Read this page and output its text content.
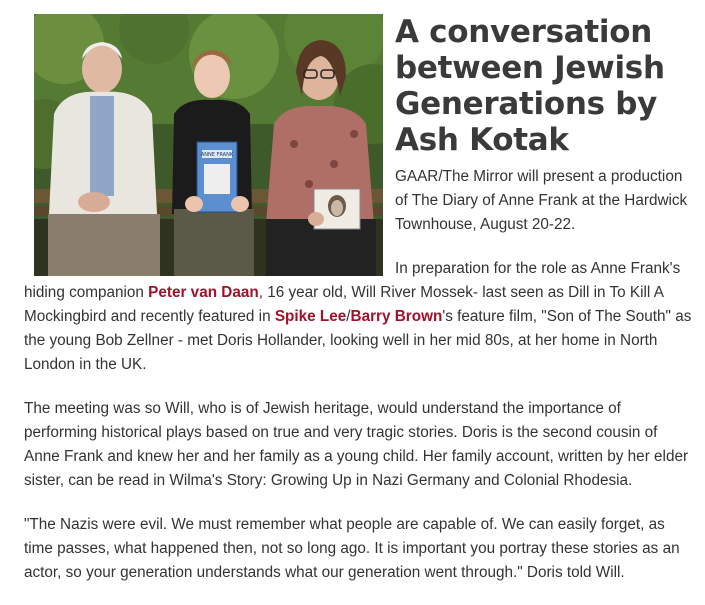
ANNE FRANK
A conversation between Jewish Generations by Ash Kotak

GAAR/The Mirror will present a production of The Diary of Anne Frank at the Hardwick Townhouse, August 20-22.

In preparation for the role as Anne Frank's hiding companion Peter van Daan, 16 year old, Will River Mossek- last seen as Dill in To Kill A Mockingbird and recently featured in Spike Lee/Barry Brown's feature film, "Son of The South" as the young Bob Zellner - met Doris Hollander, looking well in her mid 80s, at her home in North London in the UK.

The meeting was so Will, who is of Jewish heritage, would understand the importance of performing historical plays based on true and very tragic stories. Doris is the second cousin of Anne Frank and knew her and her family as a young child. Her family account, written by her elder sister, can be read in Wilma's Story: Growing Up in Nazi Germany and Colonial Rhodesia.

"The Nazis were evil. We must remember what people are capable of. We can easily forget, as time passes, what happened then, not so long ago. It is important you portray these stories as an actor, so your generation understands what our generation went through." Doris told Will.
